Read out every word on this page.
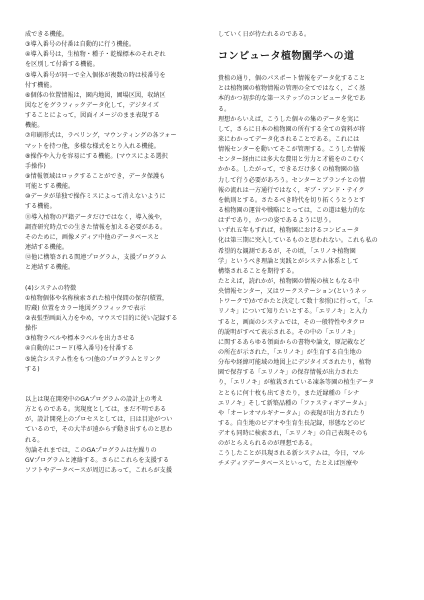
成できる機能。
③導入番号の付番は自動的に行う機能。
④導入番号は，生植物・種子・乾燥標本のそれぞれ
を区別して付番する機能。
⑤導入番号が同一で全入個体が複数の時は枝番号を
付す機能。
⑥個体の位置情報は，園内地図，圃場区図，収納区
図などをグラフィックデータ化して，デジタイズ
することによって，図面イメージのまま表現する
機能。
⑦印刷形式は，ラベリング，マウンティングの各フォー
マットを持つ他，多様な様式をとり入れる機能。
⑧操作や入力を容易にする機能。(マウスによる選択
手操作)
⑨情報領域はロックすることができ，データ保護も
可能とする機能。
⑩データが単独で操作ミスによって消えないように
する機能。
⑪導入植物の戸籍データだけではなく，導入後や，
調査研究時点での生きた情報を加える必要がある。
そのために，画像メディア中他のデータベースと
連結する機能。
⑫他に構築される関連プログラム，支援プログラム
と連結する機能。
(4)システムの特徴
①植物個体や名称検索された植中保間の保存(積置，
貯蔵) 位置をカラー地図グラフィックで表示
②表張型画面入力をやめ，マウスで目的に従い記録する
操作
③植物ラベルや標本ラベルを出力させる
④自動的にコード(導入番号)を付番する
⑤統合システム性をもつ(他のプログラムとリンク
する)
以上は現在開発中のGAプログラムの設計上の考え
方とものである。実現度としては，まだ不明である
が，設計開発上のプロセスとしては，日は目途がつい
ているので，その大半が遠からず動き出すものと思わ
れる。
勿論それまでは，このGAプログラムは左繰りの
GVプログラムと連絡する。さらにこれらを支援する
ソフトやデータベースが周辺にあって，これらが支援
していく日が待たれるのである。
コンピュータ植物園学への道
貴植の通り，個のパスポート情報をデータ化すること
とは植物園の植物情報の管理の全てではなく，ごく基
本的かつ初歩的な第一ステップのコンピュータ化であ
る。
理想からいえば，こうした個々の集のデータを実に
して，さらに日本の植物園の所有する全ての資料が将
来にわかってデータ化されることである。これには
情報センターを動いてそこが管理する。こうした情報
センター経由には多大な費用と労力と才能をのこむく
かかる。したがって，できるだけ多くの植物園の協
力して行う必要があろう。センターとブランチとの情
報の流れは一方通行ではなく，ギブ・アンド・テイク
を軌則とする。さたるべき時代を切り拓くうとうとす
る植物園の運営や戦略にとっては，この道は魅力的な
はずであり，かつの姿であるように思う。
いずれ五年もすれば，植物園におけるコンピュータ
化は第三期に突入しているものと思われない。これも私の
希望的な観測であるが，その頃，「エリノキ植物園
学」というべき理論と実践とがシステム体系として
構築されることを期待する。
たとえば，読れかが，植物園の情報の核ともなる中
央情報センター，又はワークステーション(というネッ
トワークで)かでかたと決定して数十参照)に行って，「エ
リノキ」について知りたいとする。「エリノキ」と入力
すると，画面のシステムでは，その一般特性やタクロ
的説明がすべて表示される。その中の「エリノキ」
に関するあらゆる領面からの書物や論文，原記載など
の所在が示された，「エリノキ」が生育する自生地の
分布や経緯可能域の地図上にデジタイズされたり，植物
園で保存する「エリノキ」の保存情報が出力された
り，「エリノキ」が植栽されている凍条等園の植生データ
とともに何十枚も出てきたり，また近縁種の「シナ
エリノキ」そして新築品種の「ファスティギアータム」
や「オーレオマルギナータム」の表現が出力されたり
する。自生地のビデオや生育生長記録，形態などのビ
デオも同時に検索され，「エリノキ」の自己表現そのも
のがとらえられるのが理想である。
こうしたことが具現される新システムは，今日，マル
チメディアデータベースといって，たとえば医療や
